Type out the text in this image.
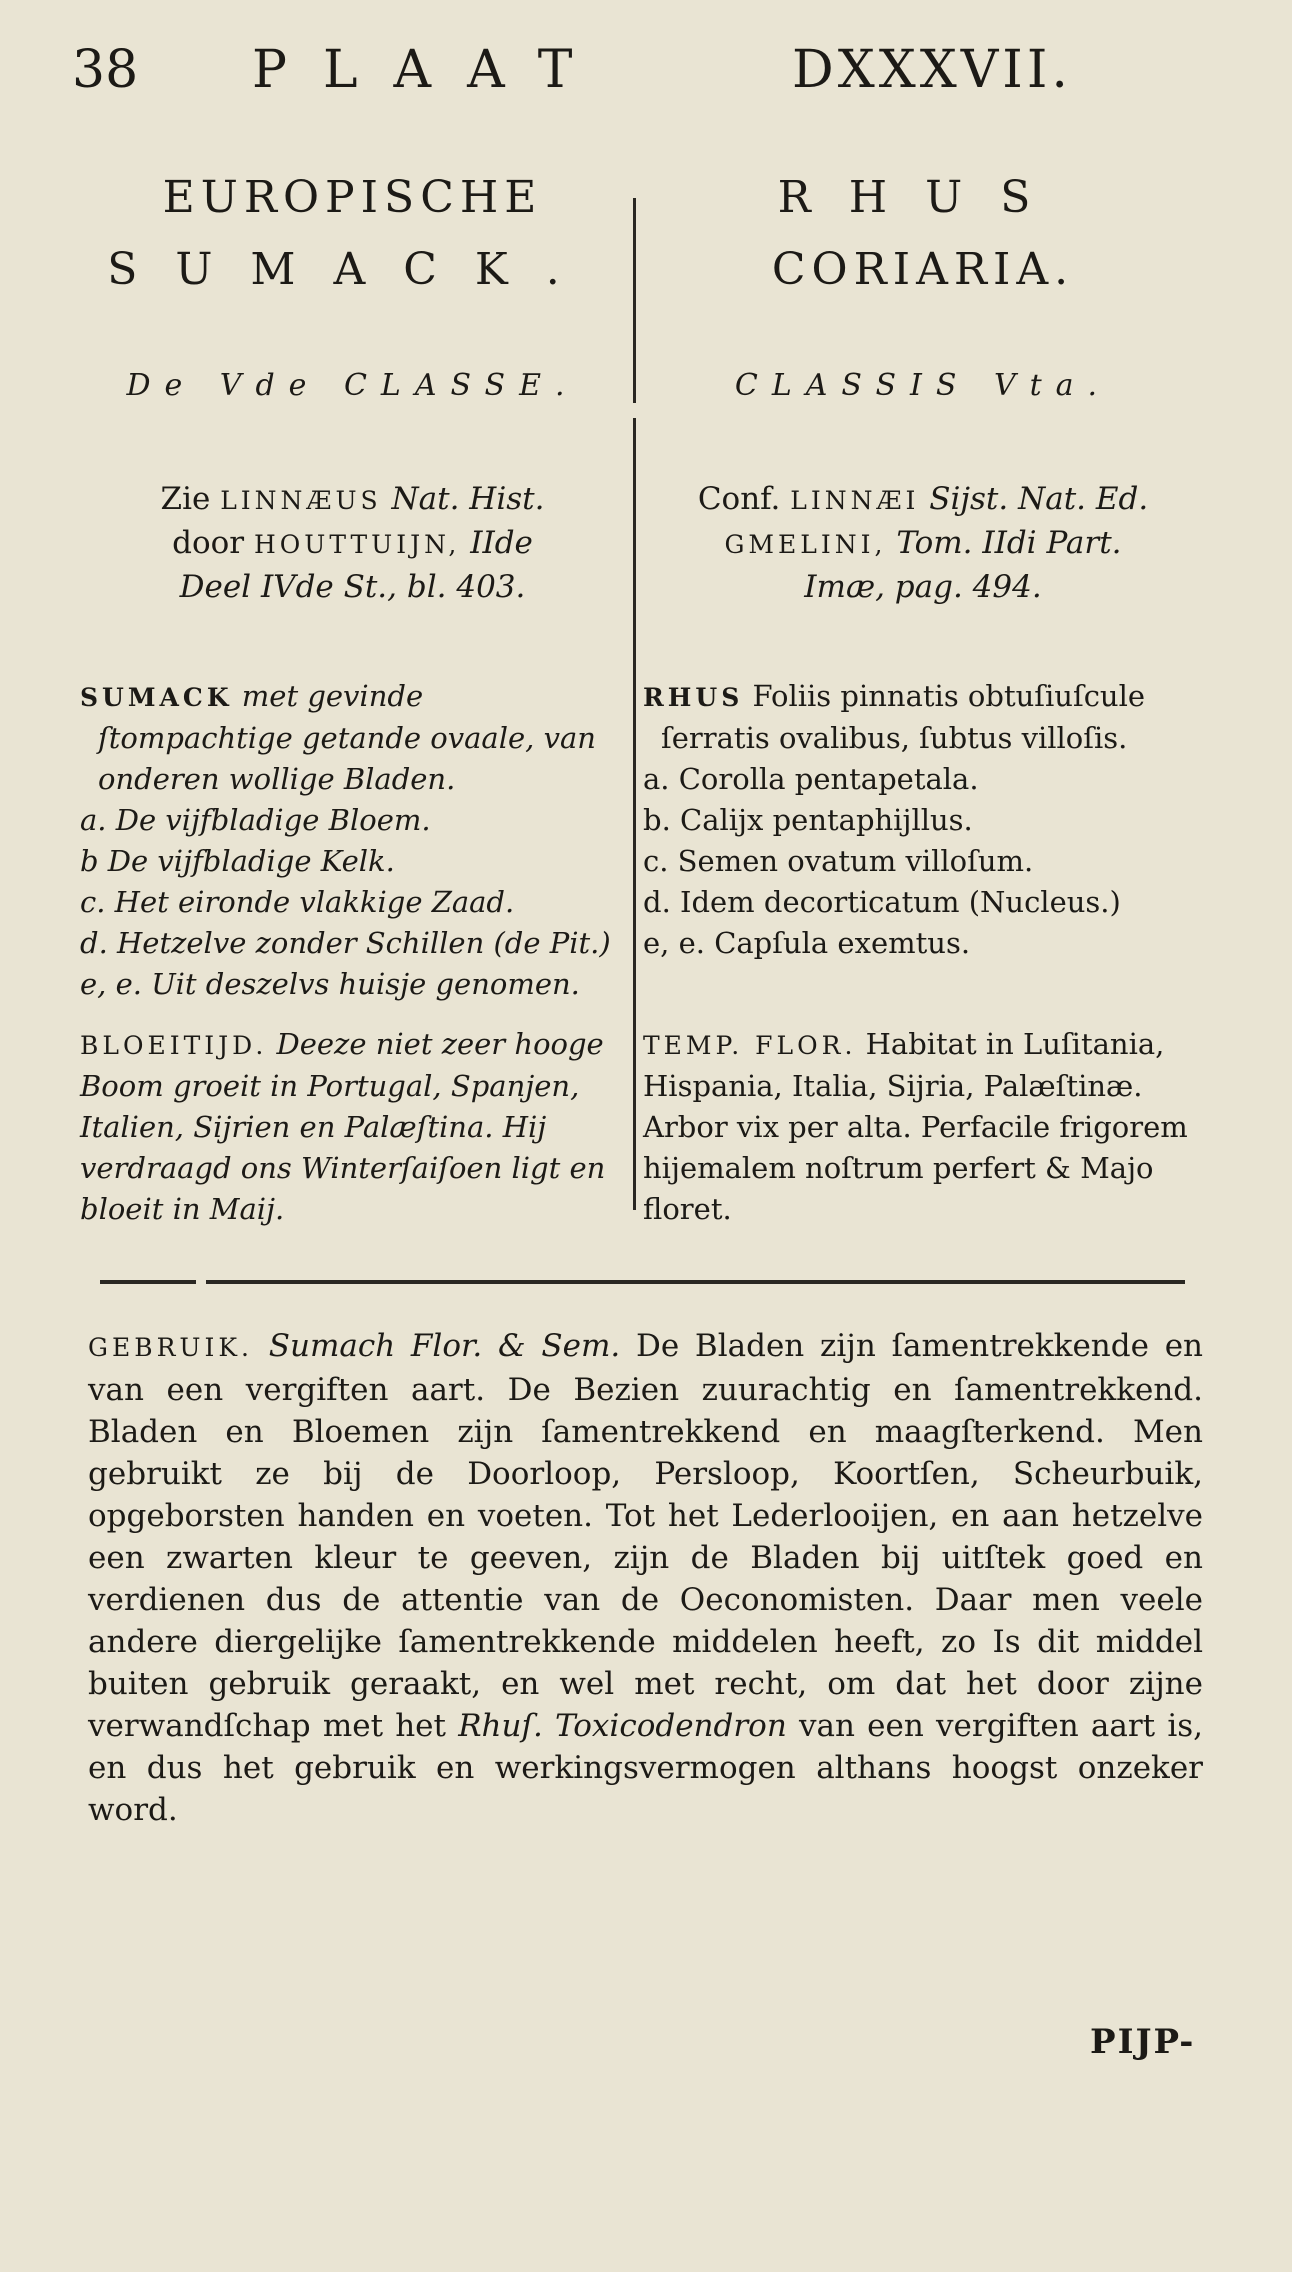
38 PLAAT	DXXXVII.
EUROPISCHE
SUMACK.
De Vde CLASSE.
Zie LINNÆUS Nat. Hist.
door HOUTTUIJN, IIde
Deel IVde St., bl. 403.

SUMACK met gevinde ſtompachtige getande ovaale, van onderen wollige Bladen.

a. De vijfbladige Bloem.

b De vijfbladige Kelk.

c. Het eironde vlakkige Zaad.

d. Hetzelve zonder Schillen (de Pit.)

e, e. Uit deszelvs huisje genomen.

BLOEITIJD. Deeze niet zeer hooge Boom groeit in Portugal, Spanjen, Italien, Sijrien en Palæſtina. Hij verdraagd ons Winterſaiſoen ligt en bloeit in Maij.

RHUS
CORIARIA.
CLASSIS Vta.
Conf. LINNÆI Sijst. Nat. Ed.
GMELINI, Tom. IIdi Part.
Imæ, pag. 494.

RHUS Foliis pinnatis obtuſiuſcule ſerratis ovalibus, ſubtus villoſis.

a. Corolla pentapetala.

b. Calijx pentaphijllus.

c. Semen ovatum villoſum.

d. Idem decorticatum (Nucleus.)

e, e. Capſula exemtus.

TEMP. FLOR. Habitat in Luſitania, Hispania, Italia, Sijria, Palæſtinæ. Arbor vix per alta. Perfacile frigorem hijemalem noſtrum perfert & Majo floret.

GEBRUIK. Sumach Flor. & Sem. De Bladen zijn ſamentrekkende en van een vergiften aart. De Bezien zuurachtig en ſamentrekkend. Bladen en Bloemen zijn ſamentrekkend en maagſterkend. Men gebruikt ze bij de Doorloop, Persloop, Koortſen, Scheurbuik, opgeborsten handen en voeten. Tot het Lederlooijen, en aan hetzelve een zwarten kleur te geeven, zijn de Bladen bij uitſtek goed en verdienen dus de attentie van de Oeconomisten. Daar men veele andere diergelijke ſamentrekkende middelen heeft, zo Is dit middel buiten gebruik geraakt, en wel met recht, om dat het door zijne verwandſchap met het Rhuſ. Toxicodendron van een vergiften aart is, en dus het gebruik en werkingsvermogen althans hoogst onzeker word.

PIJP-
